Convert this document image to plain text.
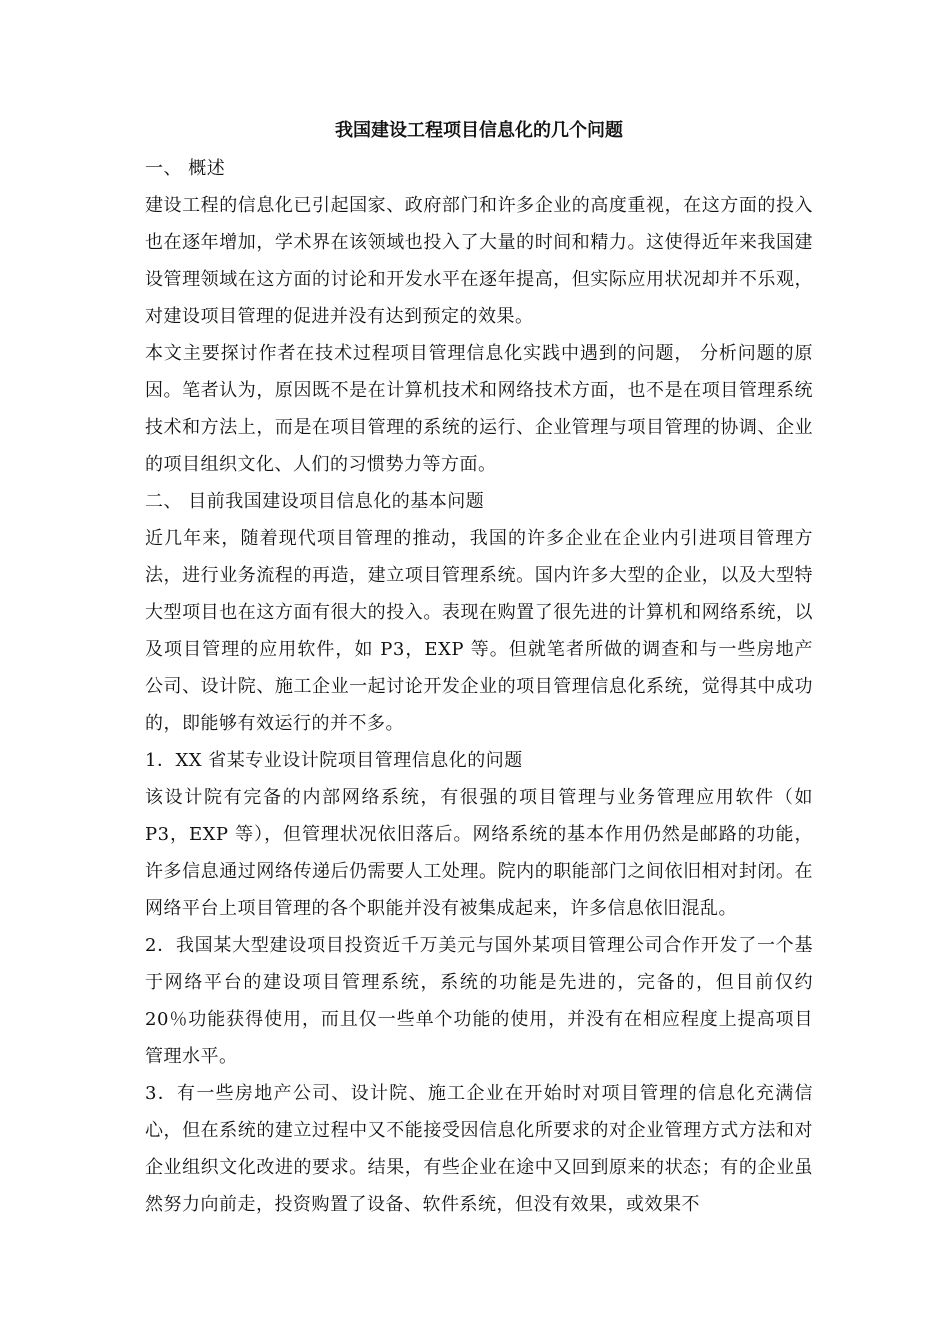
我国建设工程项目信息化的几个问题

一、 概述

建设工程的信息化已引起国家、政府部门和许多企业的高度重视，在这方面的投入也在逐年增加，学术界在该领域也投入了大量的时间和精力。这使得近年来我国建设管理领域在这方面的讨论和开发水平在逐年提高，但实际应用状况却并不乐观，对建设项目管理的促进并没有达到预定的效果。

本文主要探讨作者在技术过程项目管理信息化实践中遇到的问题， 分析问题的原因。笔者认为，原因既不是在计算机技术和网络技术方面，也不是在项目管理系统技术和方法上，而是在项目管理的系统的运行、企业管理与项目管理的协调、企业的项目组织文化、人们的习惯势力等方面。

二、 目前我国建设项目信息化的基本问题

近几年来，随着现代项目管理的推动，我国的许多企业在企业内引进项目管理方法，进行业务流程的再造，建立项目管理系统。国内许多大型的企业，以及大型特大型项目也在这方面有很大的投入。表现在购置了很先进的计算机和网络系统，以及项目管理的应用软件，如 P3，EXP 等。但就笔者所做的调查和与一些房地产公司、设计院、施工企业一起讨论开发企业的项目管理信息化系统，觉得其中成功的，即能够有效运行的并不多。

1．XX 省某专业设计院项目管理信息化的问题

该设计院有完备的内部网络系统，有很强的项目管理与业务管理应用软件（如 P3，EXP 等），但管理状况依旧落后。网络系统的基本作用仍然是邮路的功能，许多信息通过网络传递后仍需要人工处理。院内的职能部门之间依旧相对封闭。在网络平台上项目管理的各个职能并没有被集成起来，许多信息依旧混乱。

2．我国某大型建设项目投资近千万美元与国外某项目管理公司合作开发了一个基于网络平台的建设项目管理系统，系统的功能是先进的，完备的，但目前仅约 20％功能获得使用，而且仅一些单个功能的使用，并没有在相应程度上提高项目管理水平。

3．有一些房地产公司、设计院、施工企业在开始时对项目管理的信息化充满信心，但在系统的建立过程中又不能接受因信息化所要求的对企业管理方式方法和对企业组织文化改进的要求。结果，有些企业在途中又回到原来的状态；有的企业虽然努力向前走，投资购置了设备、软件系统，但没有效果，或效果不
